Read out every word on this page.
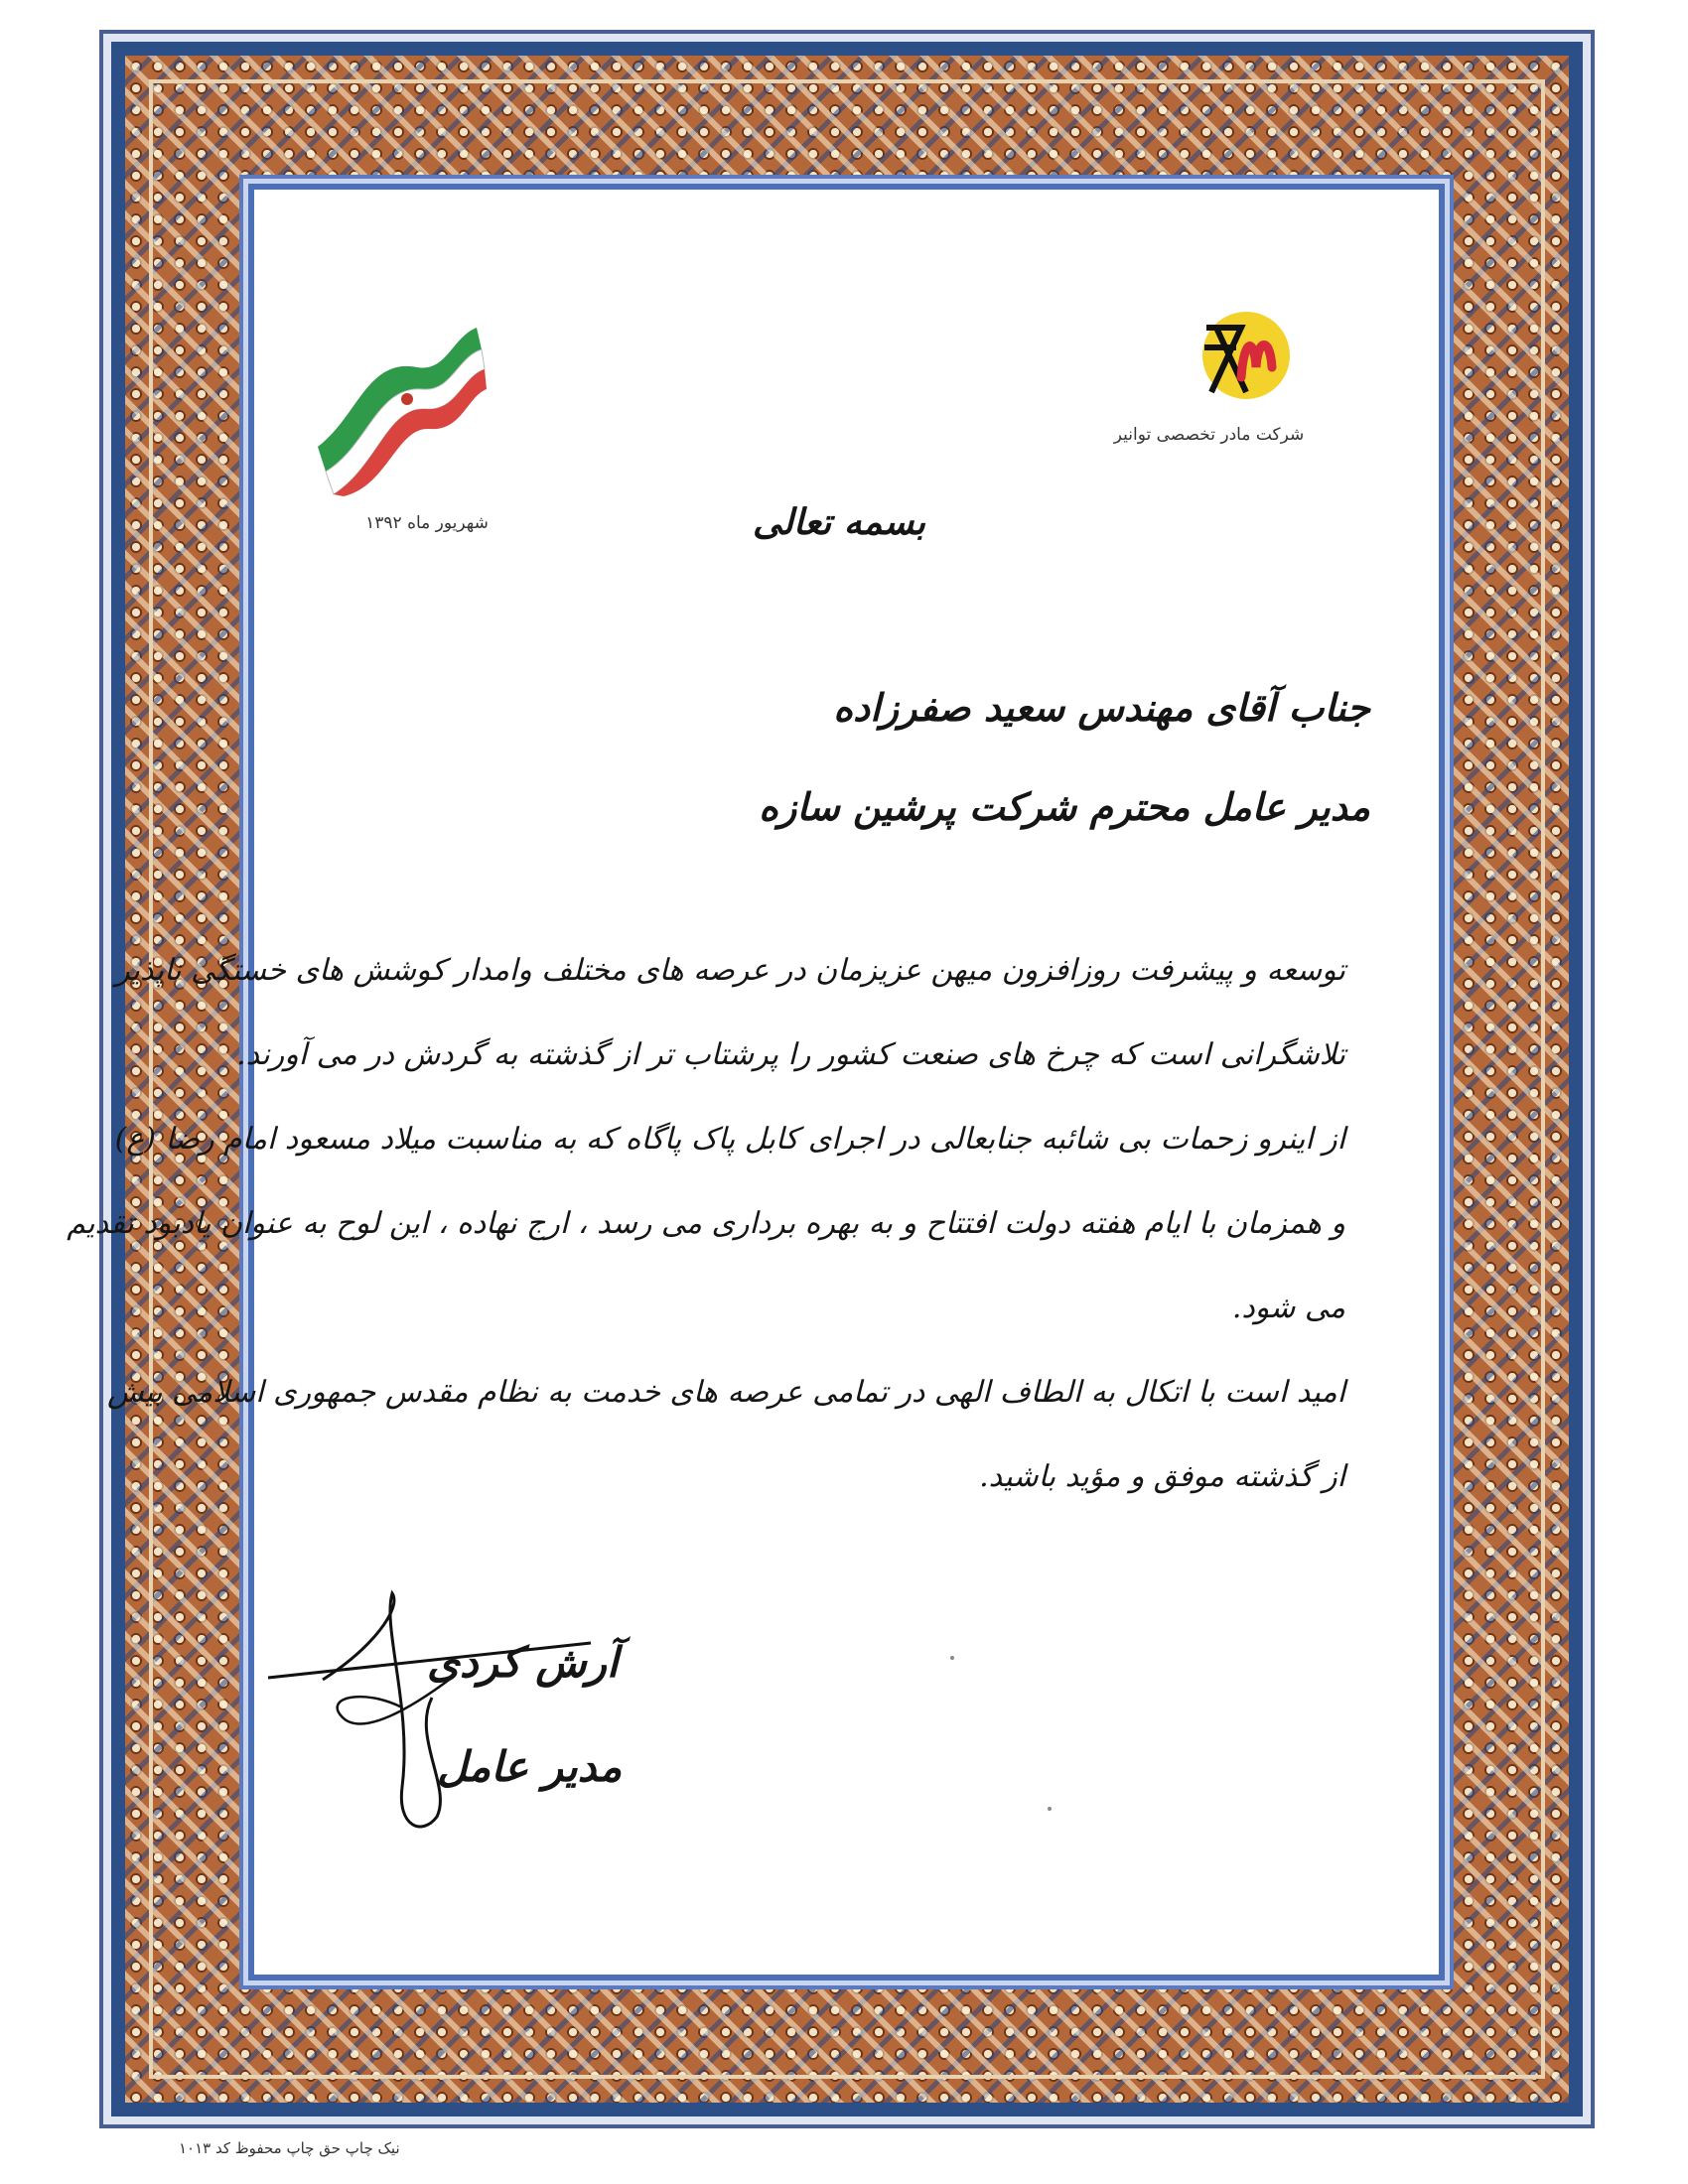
شرکت مادر تخصصی توانیر
شهریور ماه ۱۳۹۲	بسمه تعالی
جناب آقای مهندس سعید صفرزاده
مدیر عامل محترم شرکت پرشین سازه
توسعه و پیشرفت روزافزون میهن عزیزمان در عرصه های مختلف وامدار کوشش های خستگی ناپذیر
تلاشگرانی است که چرخ های صنعت کشور را پرشتاب تر از گذشته به گردش در می آورند.
از اینرو زحمات بی شائبه جنابعالی در اجرای کابل پاک پاگاه که به مناسبت میلاد مسعود امام رضا (ع)
و همزمان با ایام هفته دولت افتتاح و به بهره برداری می رسد ، ارج نهاده ، این لوح به عنوان یادبود تقدیم
می شود.
امید است با اتکال به الطاف الهی در تمامی عرصه های خدمت به نظام مقدس جمهوری اسلامی بیش
از گذشته موفق و مؤید باشید.
آرش کردی
مدیر عامل
نیک چاپ حق چاپ محفوظ کد ۱۰۱۳
